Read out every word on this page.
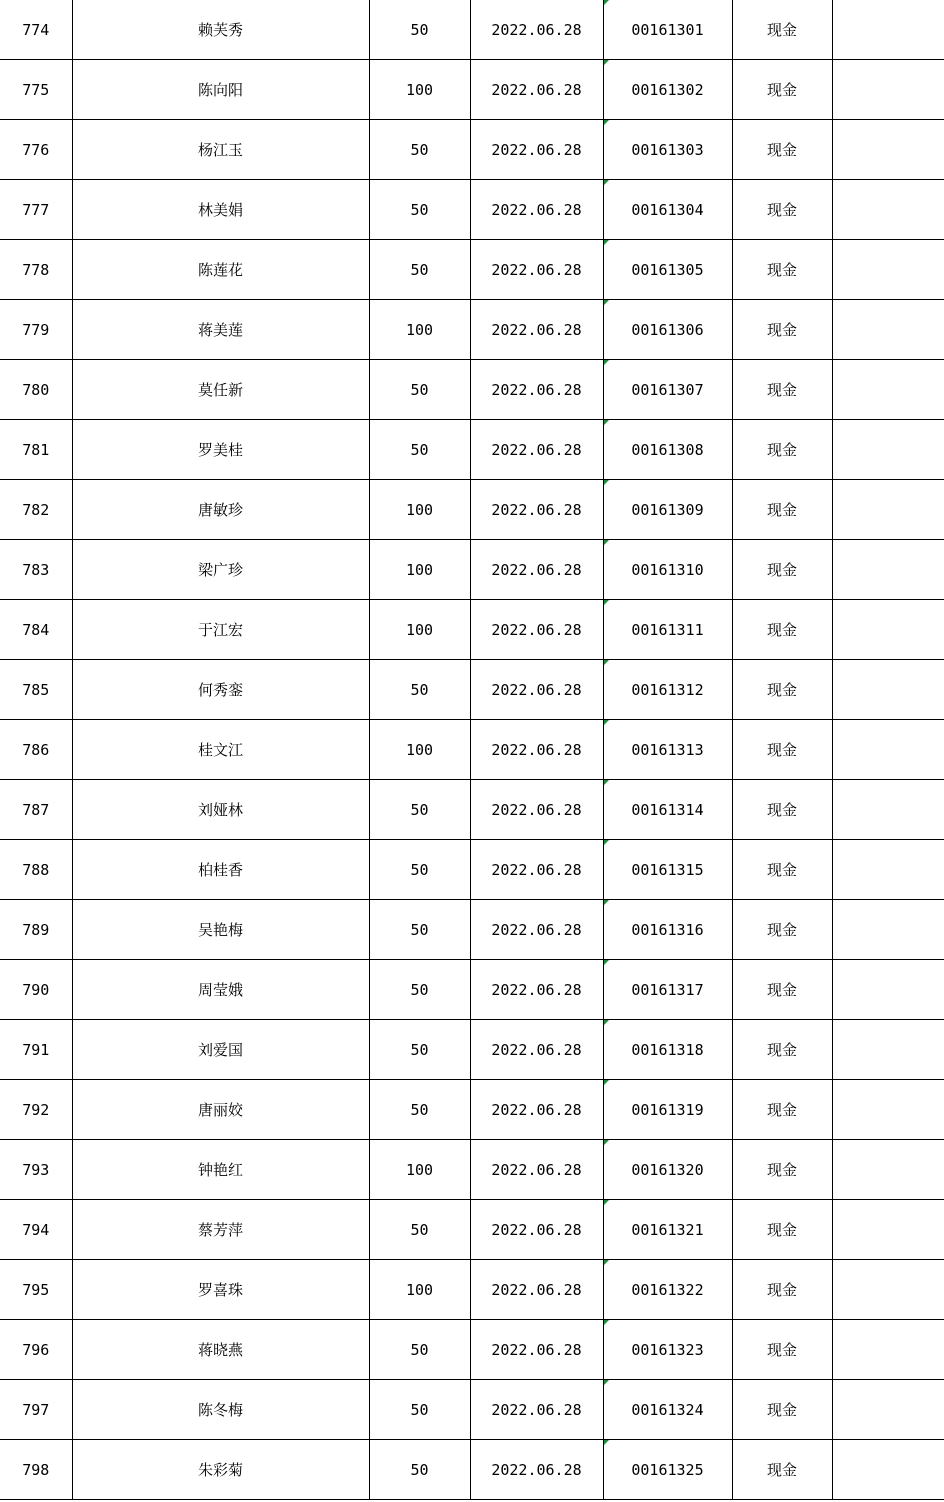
774	赖芙秀	50	2022.06.28	00161301	现金	
775	陈向阳	100	2022.06.28	00161302	现金	
776	杨江玉	50	2022.06.28	00161303	现金	
777	林美娟	50	2022.06.28	00161304	现金	
778	陈莲花	50	2022.06.28	00161305	现金	
779	蒋美莲	100	2022.06.28	00161306	现金	
780	莫任新	50	2022.06.28	00161307	现金	
781	罗美桂	50	2022.06.28	00161308	现金	
782	唐敏珍	100	2022.06.28	00161309	现金	
783	梁广珍	100	2022.06.28	00161310	现金	
784	于江宏	100	2022.06.28	00161311	现金	
785	何秀銮	50	2022.06.28	00161312	现金	
786	桂文江	100	2022.06.28	00161313	现金	
787	刘娅林	50	2022.06.28	00161314	现金	
788	柏桂香	50	2022.06.28	00161315	现金	
789	吴艳梅	50	2022.06.28	00161316	现金	
790	周莹娥	50	2022.06.28	00161317	现金	
791	刘爱国	50	2022.06.28	00161318	现金	
792	唐丽姣	50	2022.06.28	00161319	现金	
793	钟艳红	100	2022.06.28	00161320	现金	
794	蔡芳萍	50	2022.06.28	00161321	现金	
795	罗喜珠	100	2022.06.28	00161322	现金	
796	蒋晓燕	50	2022.06.28	00161323	现金	
797	陈冬梅	50	2022.06.28	00161324	现金	
798	朱彩菊	50	2022.06.28	00161325	现金	
